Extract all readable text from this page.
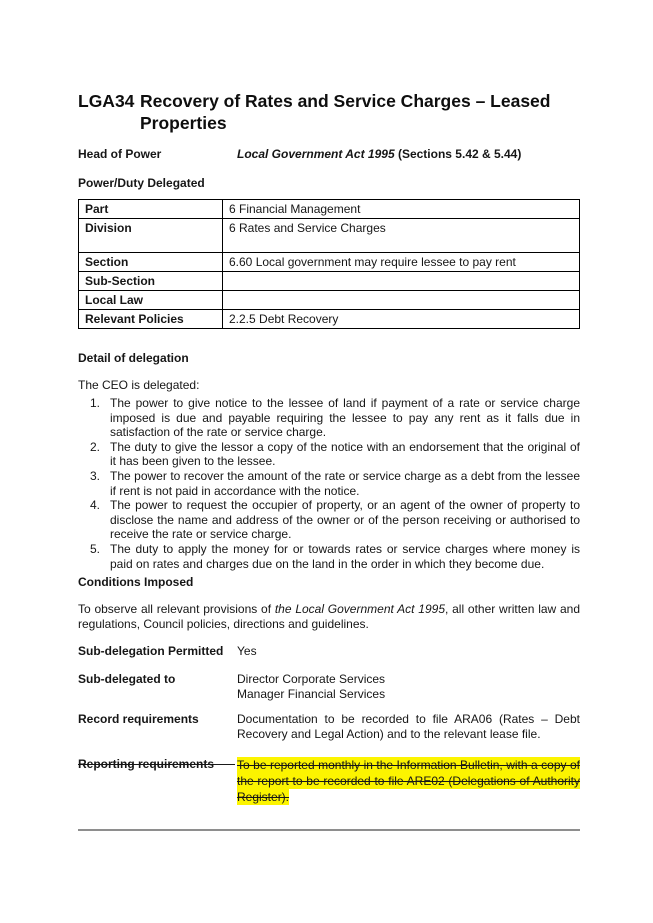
LGA34 Recovery of Rates and Service Charges – Leased Properties
Head of Power	Local Government Act 1995 (Sections 5.42 & 5.44)
Power/Duty Delegated
Part	6 Financial Management
Division	6 Rates and Service Charges
Section	6.60 Local government may require lessee to pay rent
Sub-Section	
Local Law	
Relevant Policies	2.2.5 Debt Recovery
Detail of delegation
The CEO is delegated:
1. The power to give notice to the lessee of land if payment of a rate or service charge imposed is due and payable requiring the lessee to pay any rent as it falls due in satisfaction of the rate or service charge.
2. The duty to give the lessor a copy of the notice with an endorsement that the original of it has been given to the lessee.
3. The power to recover the amount of the rate or service charge as a debt from the lessee if rent is not paid in accordance with the notice.
4. The power to request the occupier of property, or an agent of the owner of property to disclose the name and address of the owner or of the person receiving or authorised to receive the rate or service charge.
5. The duty to apply the money for or towards rates or service charges where money is paid on rates and charges due on the land in the order in which they become due.
Conditions Imposed
To observe all relevant provisions of the Local Government Act 1995, all other written law and regulations, Council policies, directions and guidelines.
Sub-delegation Permitted	Yes
Sub-delegated to	Director Corporate Services
Manager Financial Services
Record requirements	Documentation to be recorded to file ARA06 (Rates – Debt Recovery and Legal Action) and to the relevant lease file.
Reporting requirements To be reported monthly in the Information Bulletin, with a copy of the report to be recorded to file ARE02 (Delegations of Authority Register).
